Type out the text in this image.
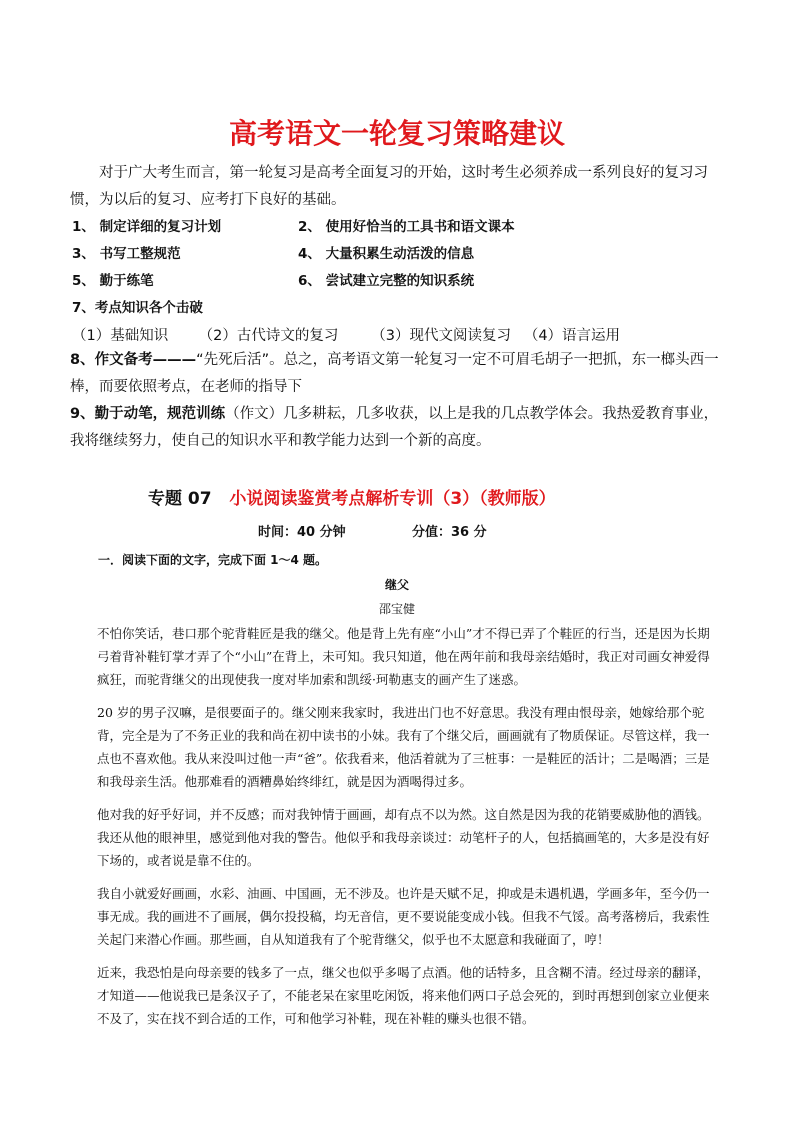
高考语文一轮复习策略建议

对于广大考生而言，第一轮复习是高考全面复习的开始，这时考生必须养成一系列良好的复习习惯，为以后的复习、应考打下良好的基础。

1、 制定详细的复习计划	2、 使用好恰当的工具书和语文课本
3、 书写工整规范	4、 大量积累生动活泼的信息
5、 勤于练笔	6、 尝试建立完整的知识系统
7、考点知识各个击破
（1）基础知识 （2）古代诗文的复习 （3）现代文阅读复习 （4）语言运用

8、作文备考———“先死后活”。总之，高考语文第一轮复习一定不可眉毛胡子一把抓，东一榔头西一棒，而要依照考点，在老师的指导下

9、勤于动笔，规范训练（作文）几多耕耘，几多收获，以上是我的几点教学体会。我热爱教育事业，我将继续努力，使自己的知识水平和教学能力达到一个新的高度。

专题 07 小说阅读鉴赏考点解析专训（3）（教师版）
时间：40 分钟	分值：36 分
一．阅读下面的文字，完成下面 1～4 题。
继父
邵宝健

不怕你笑话，巷口那个驼背鞋匠是我的继父。他是背上先有座“小山”才不得已弄了个鞋匠的行当，还是因为长期弓着背补鞋钉掌才弄了个“小山”在背上，未可知。我只知道，他在两年前和我母亲结婚时，我正对司画女神爱得疯狂，而驼背继父的出现使我一度对毕加索和凯绥·珂勒惠支的画产生了迷惑。

20 岁的男子汉嘛，是很要面子的。继父刚来我家时，我进出门也不好意思。我没有理由恨母亲，她嫁给那个驼背，完全是为了不务正业的我和尚在初中读书的小妹。我有了个继父后，画画就有了物质保证。尽管这样，我一点也不喜欢他。我从来没叫过他一声“爸”。依我看来，他活着就为了三桩事：一是鞋匠的活计；二是喝酒；三是和我母亲生活。他那难看的酒糟鼻始终绯红，就是因为酒喝得过多。

他对我的好乎好词，并不反感；而对我钟情于画画，却有点不以为然。这自然是因为我的花销要威胁他的酒钱。我还从他的眼神里，感觉到他对我的警告。他似乎和我母亲谈过：动笔杆子的人，包括搞画笔的，大多是没有好下场的，或者说是靠不住的。

我自小就爱好画画，水彩、油画、中国画，无不涉及。也许是天赋不足，抑或是未遇机遇，学画多年，至今仍一事无成。我的画进不了画展，偶尔投投稿，均无音信，更不要说能变成小钱。但我不气馁。高考落榜后，我索性关起门来潜心作画。那些画，自从知道我有了个驼背继父，似乎也不太愿意和我碰面了，哼！

近来，我恐怕是向母亲要的钱多了一点，继父也似乎多喝了点酒。他的话特多，且含糊不清。经过母亲的翻译，才知道——他说我已是条汉子了，不能老呆在家里吃闲饭，将来他们两口子总会死的，到时再想到创家立业便来不及了，实在找不到合适的工作，可和他学习补鞋，现在补鞋的赚头也很不错。
